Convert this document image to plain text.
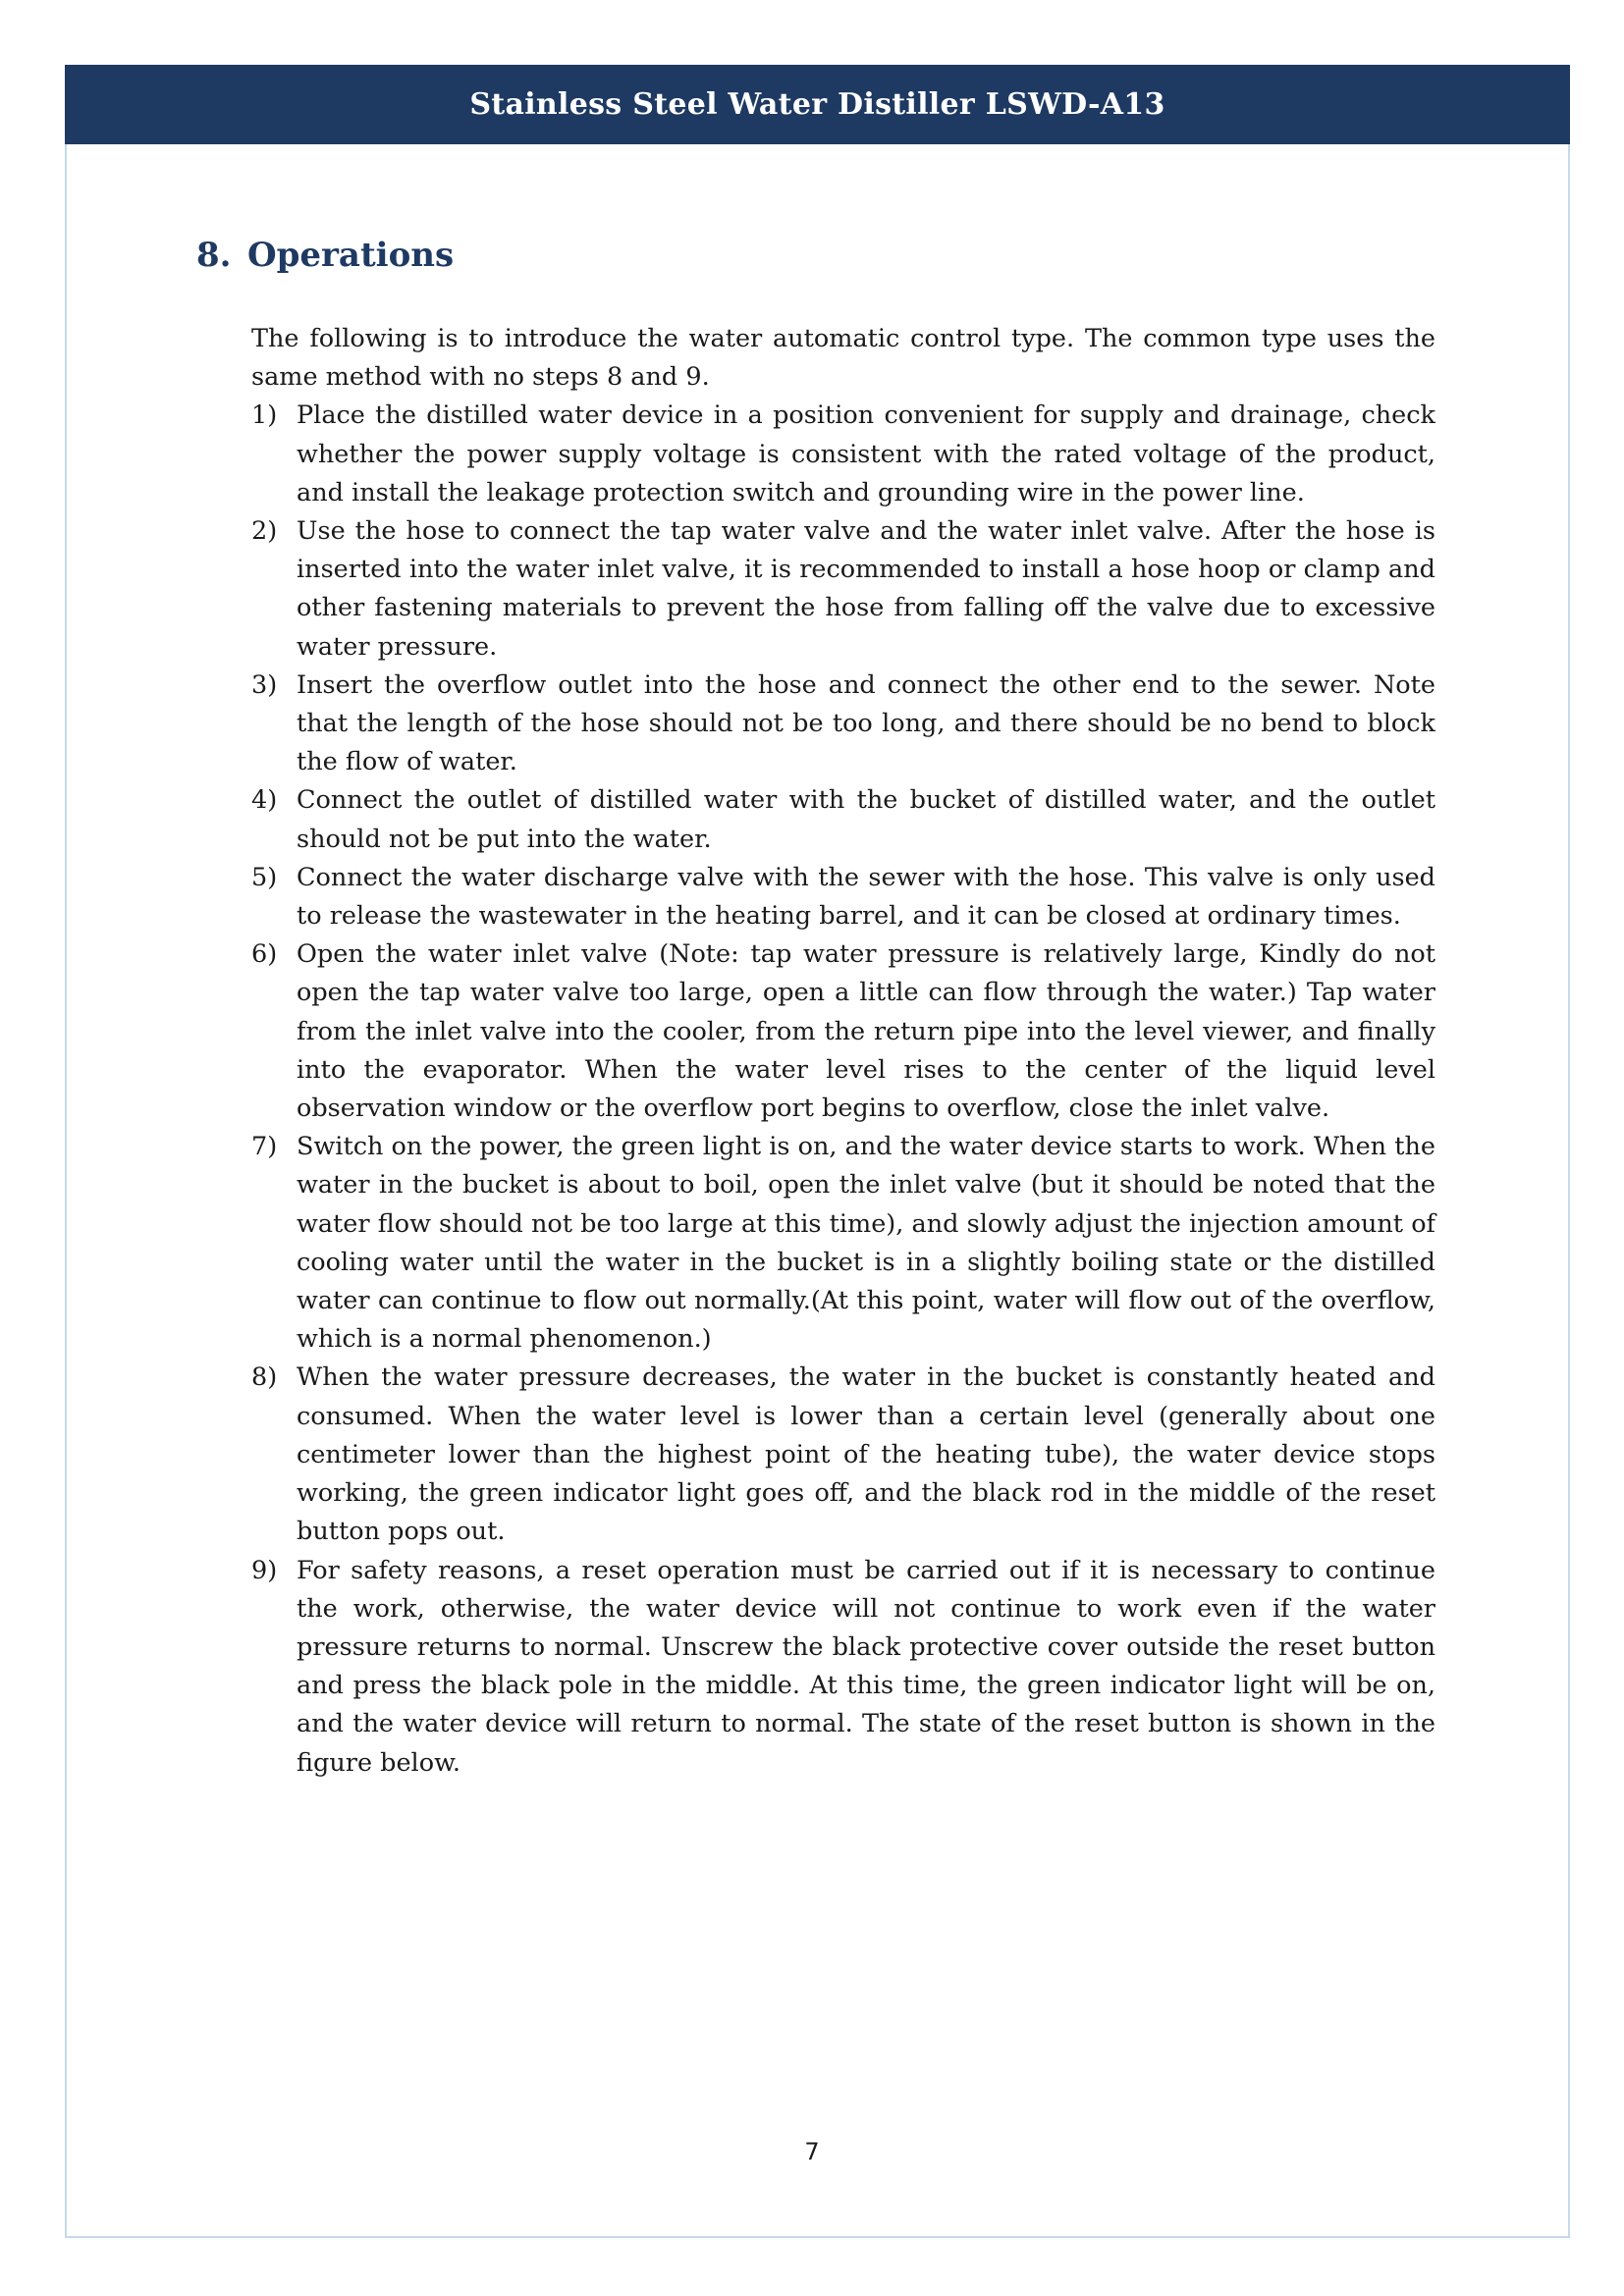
Stainless Steel Water Distiller LSWD-A13
8. Operations

The following is to introduce the water automatic control type. The common type uses the same method with no steps 8 and 9.

1) Place the distilled water device in a position convenient for supply and drainage, check whether the power supply voltage is consistent with the rated voltage of the product, and install the leakage protection switch and grounding wire in the power line.
2) Use the hose to connect the tap water valve and the water inlet valve. After the hose is inserted into the water inlet valve, it is recommended to install a hose hoop or clamp and other fastening materials to prevent the hose from falling off the valve due to excessive water pressure.
3) Insert the overflow outlet into the hose and connect the other end to the sewer. Note that the length of the hose should not be too long, and there should be no bend to block the flow of water.
4) Connect the outlet of distilled water with the bucket of distilled water, and the outlet should not be put into the water.
5) Connect the water discharge valve with the sewer with the hose. This valve is only used to release the wastewater in the heating barrel, and it can be closed at ordinary times.
6) Open the water inlet valve (Note: tap water pressure is relatively large, Kindly do not open the tap water valve too large, open a little can flow through the water.) Tap water from the inlet valve into the cooler, from the return pipe into the level viewer, and finally into the evaporator. When the water level rises to the center of the liquid level observation window or the overflow port begins to overflow, close the inlet valve.
7) Switch on the power, the green light is on, and the water device starts to work. When the water in the bucket is about to boil, open the inlet valve (but it should be noted that the water flow should not be too large at this time), and slowly adjust the injection amount of cooling water until the water in the bucket is in a slightly boiling state or the distilled water can continue to flow out normally.(At this point, water will flow out of the overflow, which is a normal phenomenon.)
8) When the water pressure decreases, the water in the bucket is constantly heated and consumed. When the water level is lower than a certain level (generally about one centimeter lower than the highest point of the heating tube), the water device stops working, the green indicator light goes off, and the black rod in the middle of the reset button pops out.
9) For safety reasons, a reset operation must be carried out if it is necessary to continue the work, otherwise, the water device will not continue to work even if the water pressure returns to normal. Unscrew the black protective cover outside the reset button and press the black pole in the middle. At this time, the green indicator light will be on, and the water device will return to normal. The state of the reset button is shown in the figure below.
7
